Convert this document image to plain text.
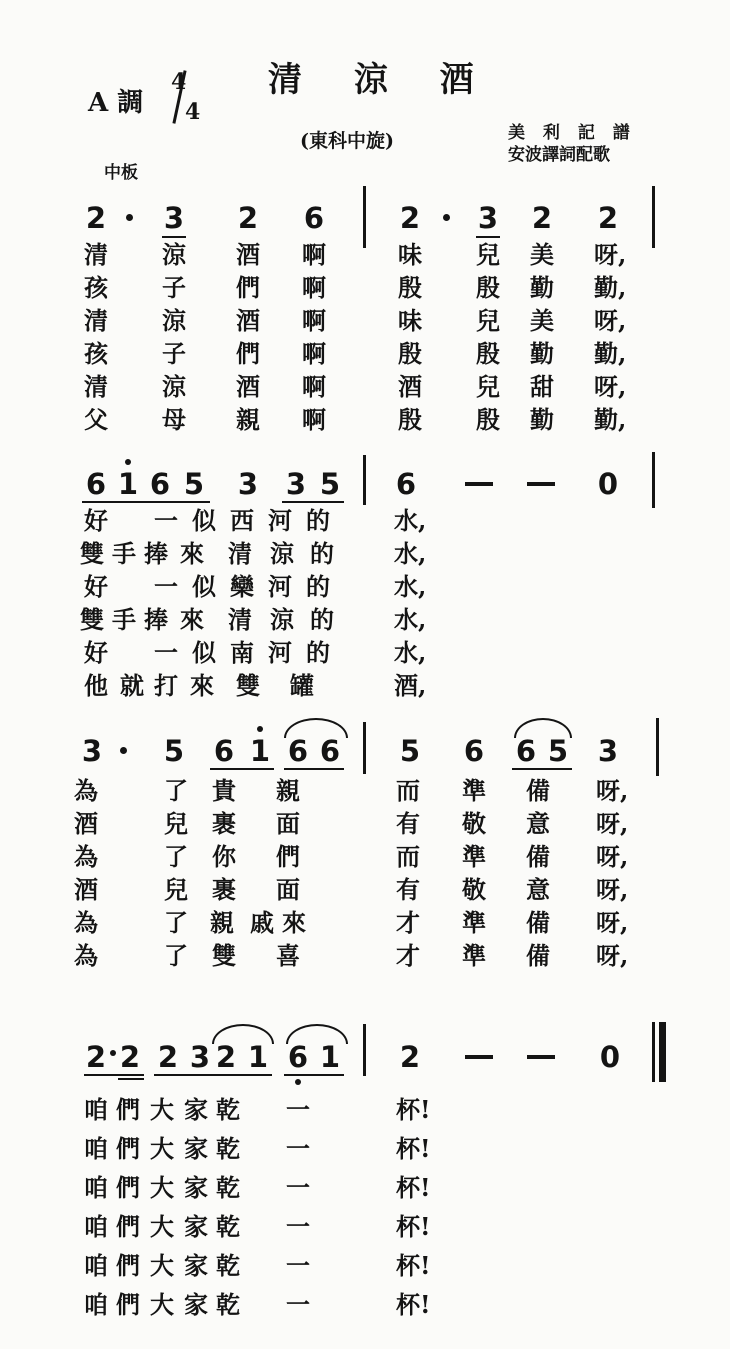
清 涼 酒
A 調
4
4
(東科中旋)	美 利 記 譜
安波譯詞配歌
中板
2 3 2 6	2 3 2 2
清 涼 酒 啊	味 兒 美 呀,
孩 子 們 啊	殷 殷 勤 勤,
清 涼 酒 啊	味 兒 美 呀,
孩 子 們 啊	殷 殷 勤 勤,
清 涼 酒 啊	酒 兒 甜 呀,
父 母 親 啊	殷 殷 勤 勤,
6 1 6 5 3 3 5 6	0
好 一 似 西 河 的	水,
雙 手 捧 來 清 涼 的	水,
好 一 似 欒 河 的	水,
雙 手 捧 來 清 涼 的	水,
好 一 似 南 河 的	水,
他 就 打 來 雙 罐	酒,
3 5 6 1 6 6 5 6 6 5 3
為	了 貴 親	而 準 備 呀,
酒	兒 裹 面	有 敬 意 呀,
為	了 你 們	而 準 備 呀,
酒	兒 裹 面	有 敬 意 呀,
為	了 親 戚 來	才 準 備 呀,
為	了 雙 喜	才 準 備 呀,
2 2 2 3 2 1 6 1 2	0
咱 們 大 家 乾 一	杯!
咱 們 大 家 乾 一	杯!
咱 們 大 家 乾 一	杯!
咱 們 大 家 乾 一	杯!
咱 們 大 家 乾 一	杯!
咱 們 大 家 乾 一	杯!
